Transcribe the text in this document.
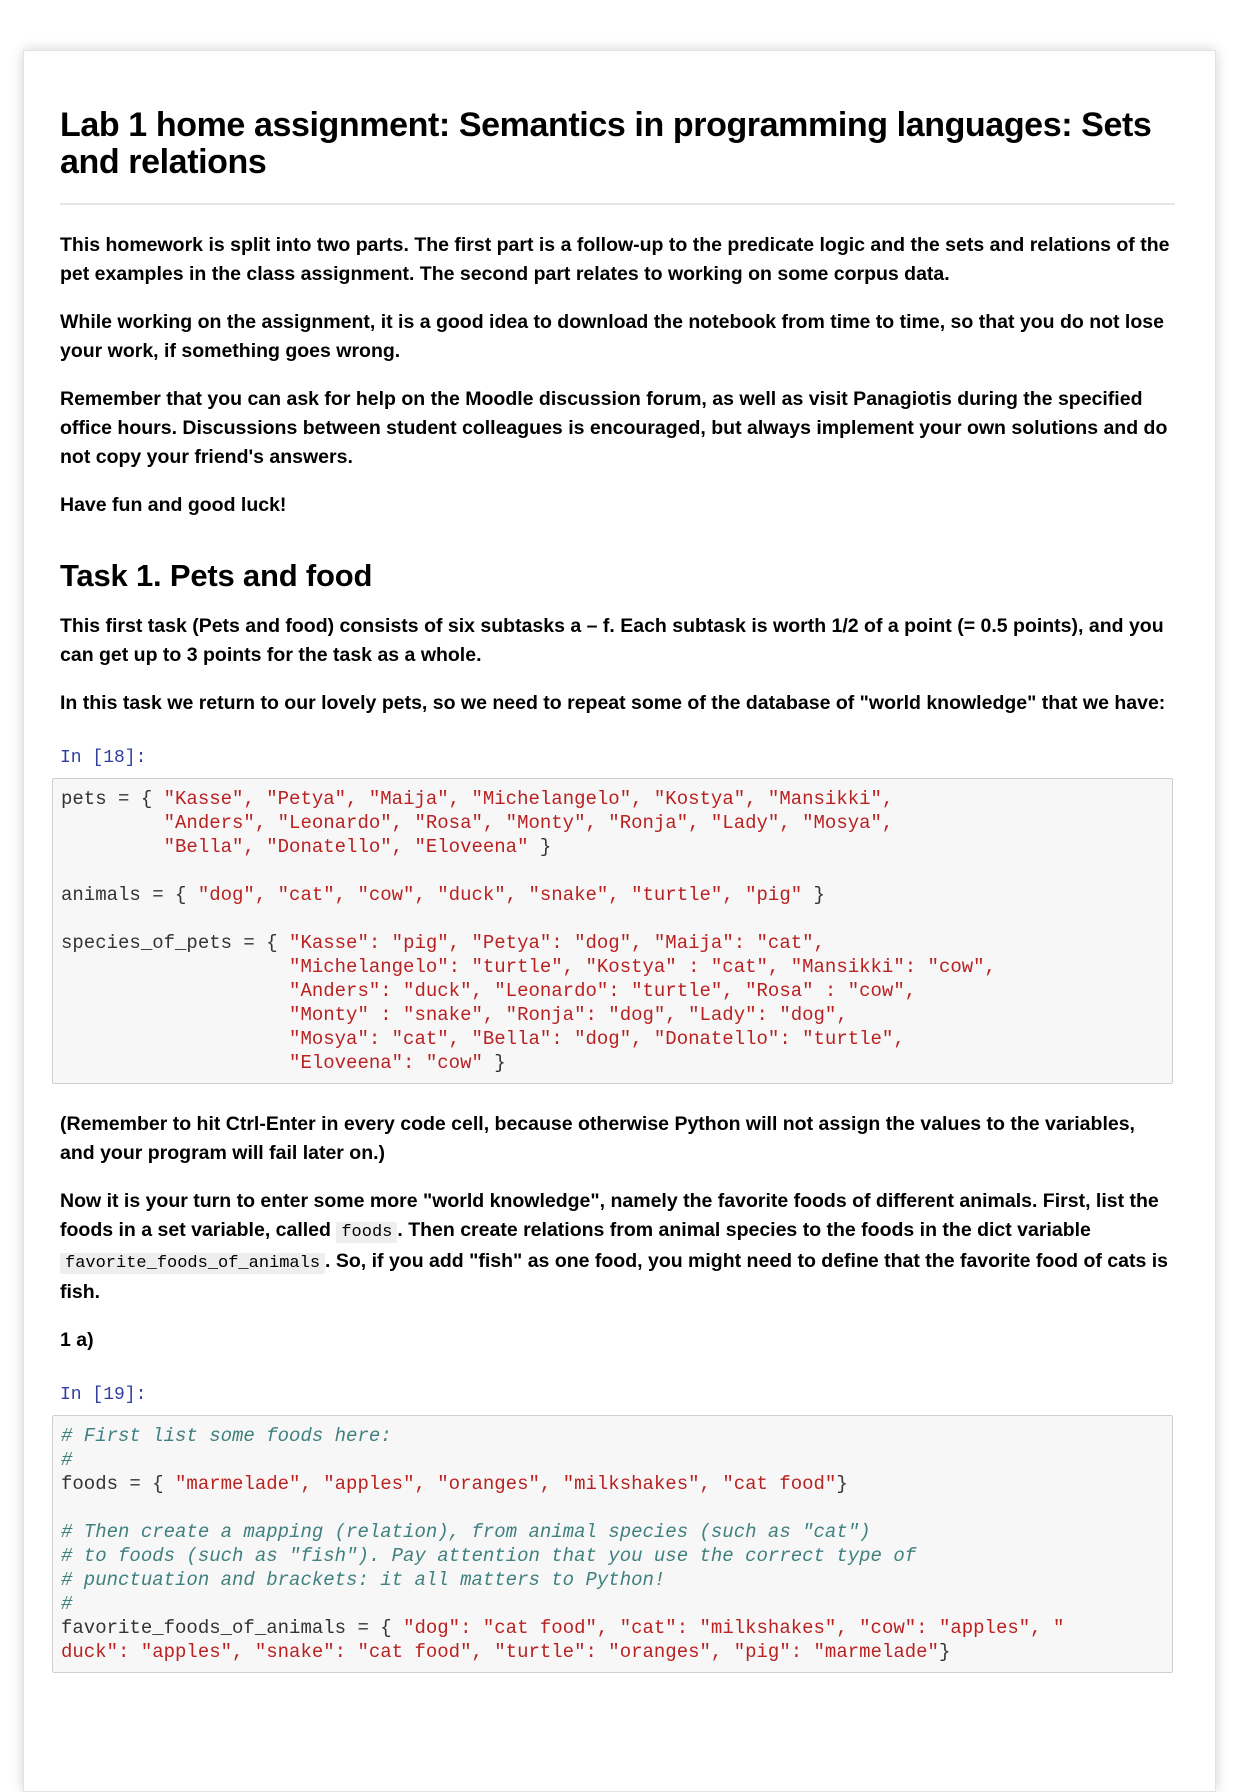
Lab 1 home assignment: Semantics in programming languages: Sets and relations

This homework is split into two parts. The first part is a follow-up to the predicate logic and the sets and relations of the pet examples in the class assignment. The second part relates to working on some corpus data.

While working on the assignment, it is a good idea to download the notebook from time to time, so that you do not lose your work, if something goes wrong.

Remember that you can ask for help on the Moodle discussion forum, as well as visit Panagiotis during the specified office hours. Discussions between student colleagues is encouraged, but always implement your own solutions and do not copy your friend's answers.

Have fun and good luck!

Task 1. Pets and food

This first task (Pets and food) consists of six subtasks a – f. Each subtask is worth 1/2 of a point (= 0.5 points), and you can get up to 3 points for the task as a whole.

In this task we return to our lovely pets, so we need to repeat some of the database of "world knowledge" that we have:

In [18]:
pets = { "Kasse", "Petya", "Maija", "Michelangelo", "Kostya", "Mansikki",
"Anders", "Leonardo", "Rosa", "Monty", "Ronja", "Lady", "Mosya",
"Bella", "Donatello", "Eloveena" }

animals = { "dog", "cat", "cow", "duck", "snake", "turtle", "pig" }

species_of_pets = { "Kasse": "pig", "Petya": "dog", "Maija": "cat",
"Michelangelo": "turtle", "Kostya" : "cat", "Mansikki": "cow",
"Anders": "duck", "Leonardo": "turtle", "Rosa" : "cow",
"Monty" : "snake", "Ronja": "dog", "Lady": "dog",
"Mosya": "cat", "Bella": "dog", "Donatello": "turtle",
"Eloveena": "cow" }

(Remember to hit Ctrl-Enter in every code cell, because otherwise Python will not assign the values to the variables, and your program will fail later on.)

Now it is your turn to enter some more "world knowledge", namely the favorite foods of different animals. First, list the foods in a set variable, called foods . Then create relations from animal species to the foods in the dict variable favorite_foods_of_animals . So, if you add "fish" as one food, you might need to define that the favorite food of cats is fish.

1 a)

In [19]:
# First list some foods here:
#
foods = { "marmelade", "apples", "oranges", "milkshakes", "cat food"}

# Then create a mapping (relation), from animal species (such as "cat")
# to foods (such as "fish"). Pay attention that you use the correct type of
# punctuation and brackets: it all matters to Python!
#
favorite_foods_of_animals = { "dog": "cat food", "cat": "milkshakes", "cow": "apples", "
duck": "apples", "snake": "cat food", "turtle": "oranges", "pig": "marmelade"}
